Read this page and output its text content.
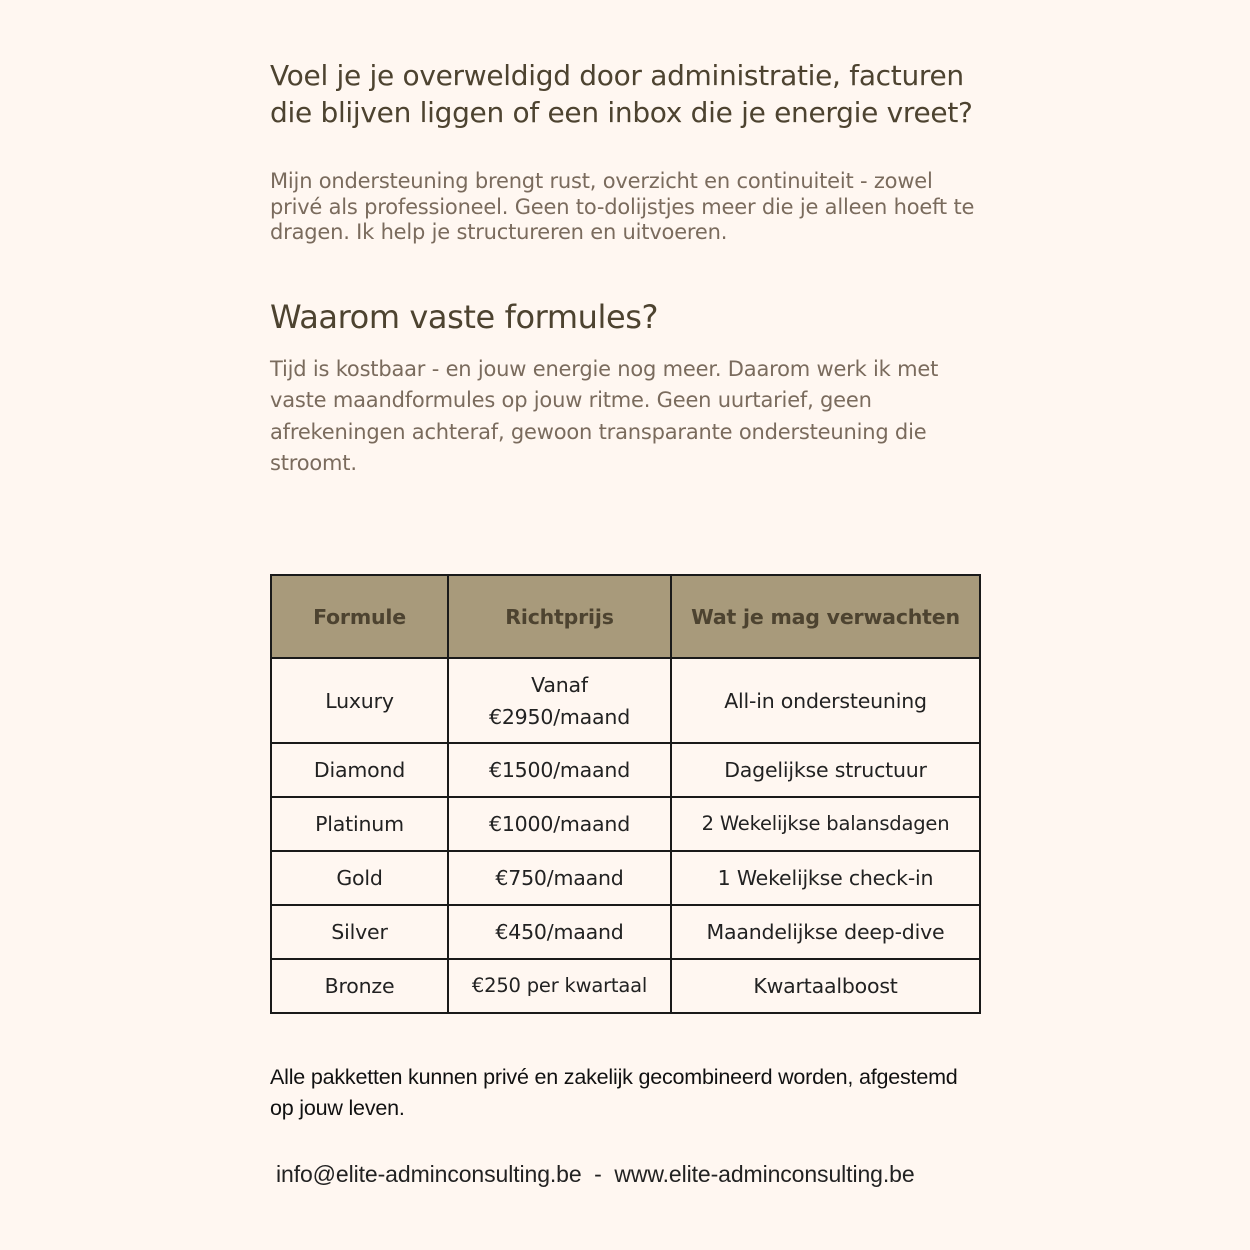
Voel je je overweldigd door administratie, facturen die blijven liggen of een inbox die je energie vreet?

Mijn ondersteuning brengt rust, overzicht en continuiteit - zowel privé als professioneel. Geen to-dolijstjes meer die je alleen hoeft te dragen. Ik help je structureren en uitvoeren.

Waarom vaste formules?

Tijd is kostbaar - en jouw energie nog meer. Daarom werk ik met vaste maandformules op jouw ritme. Geen uurtarief, geen afrekeningen achteraf, gewoon transparante ondersteuning die stroomt.

Formule	Richtprijs	Wat je mag verwachten
Luxury	Vanaf €2950/maand	All-in ondersteuning
Diamond	€1500/maand	Dagelijkse structuur
Platinum	€1000/maand	2 Wekelijkse balansdagen
Gold	€750/maand	1 Wekelijkse check-in
Silver	€450/maand	Maandelijkse deep-dive
Bronze	€250 per kwartaal	Kwartaalboost

Alle pakketten kunnen privé en zakelijk gecombineerd worden, afgestemd op jouw leven.

info@elite-adminconsulting.be - www.elite-adminconsulting.be
